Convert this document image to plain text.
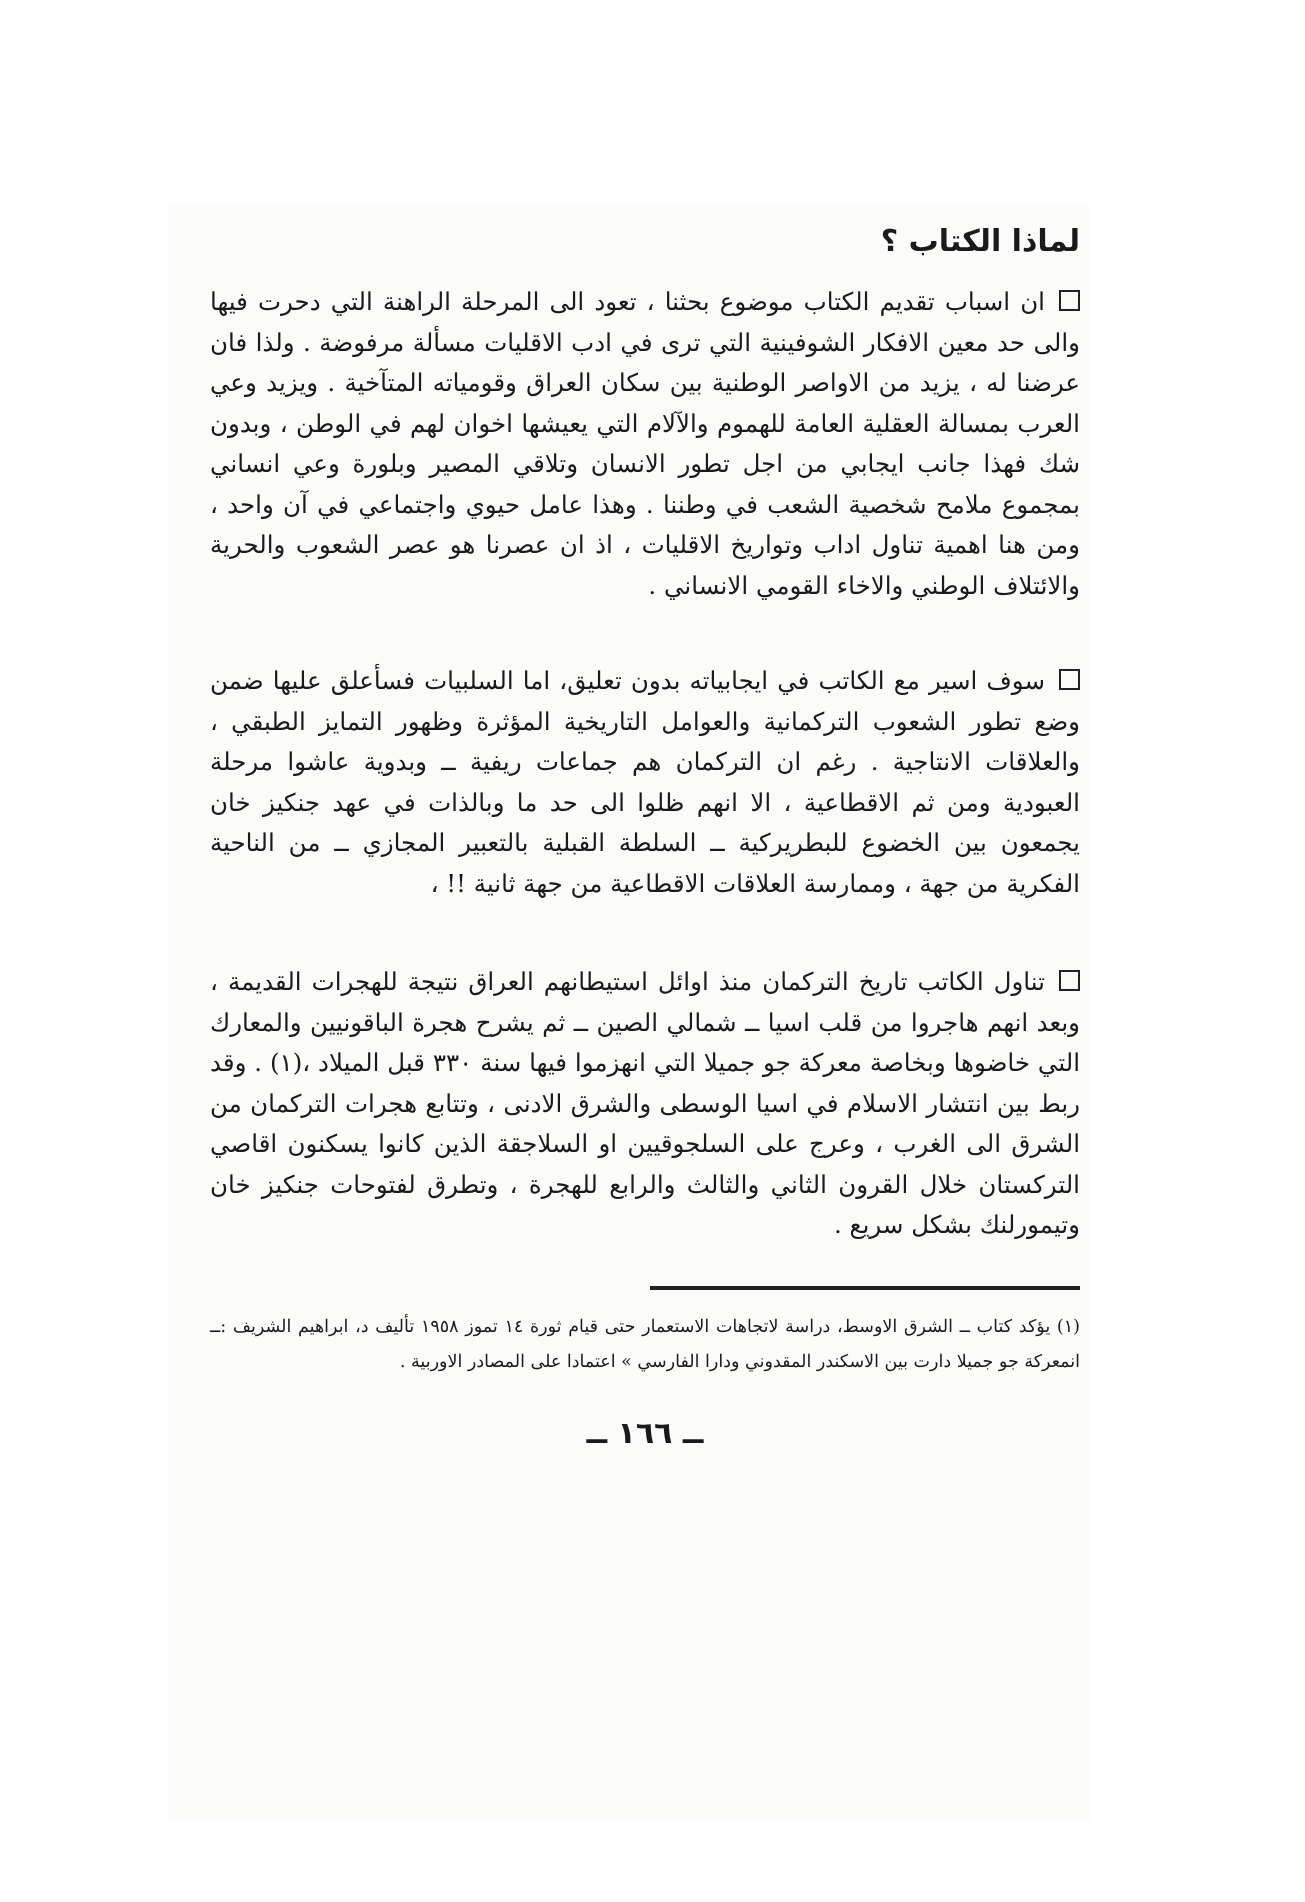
لماذا الكتاب ؟

ان اسباب تقديم الكتاب موضوع بحثنا ، تعود الى المرحلة الراهنة التي دحرت فيها والى حد معين الافكار الشوفينية التي ترى في ادب الاقليات مسألة مرفوضة . ولذا فان عرضنا له ، يزيد من الاواصر الوطنية بين سكان العراق وقومياته المتآخية . ويزيد وعي العرب بمسالة العقلية العامة للهموم والآلام التي يعيشها اخوان لهم في الوطن ، وبدون شك فهذا جانب ايجابي من اجل تطور الانسان وتلاقي المصير وبلورة وعي انساني بمجموع ملامح شخصية الشعب في وطننا . وهذا عامل حيوي واجتماعي في آن واحد ، ومن هنا اهمية تناول اداب وتواريخ الاقليات ، اذ ان عصرنا هو عصر الشعوب والحرية والائتلاف الوطني والاخاء القومي الانساني .

سوف اسير مع الكاتب في ايجابياته بدون تعليق، اما السلبيات فسأعلق عليها ضمن وضع تطور الشعوب التركمانية والعوامل التاريخية المؤثرة وظهور التمايز الطبقي ، والعلاقات الانتاجية . رغم ان التركمان هم جماعات ريفية ــ وبدوية عاشوا مرحلة العبودية ومن ثم الاقطاعية ، الا انهم ظلوا الى حد ما وبالذات في عهد جنكيز خان يجمعون بين الخضوع للبطريركية ــ السلطة القبلية بالتعبير المجازي ــ من الناحية الفكرية من جهة ، وممارسة العلاقات الاقطاعية من جهة ثانية !! ،

تناول الكاتب تاريخ التركمان منذ اوائل استيطانهم العراق نتيجة للهجرات القديمة ، وبعد انهم هاجروا من قلب اسيا ــ شمالي الصين ــ ثم يشرح هجرة الباقونيين والمعارك التي خاضوها وبخاصة معركة جو جميلا التي انهزموا فيها سنة ٣٣٠ قبل الميلاد ،(١) . وقد ربط بين انتشار الاسلام في اسيا الوسطى والشرق الادنى ، وتتابع هجرات التركمان من الشرق الى الغرب ، وعرج على السلجوقيين او السلاجقة الذين كانوا يسكنون اقاصي التركستان خلال القرون الثاني والثالث والرابع للهجرة ، وتطرق لفتوحات جنكيز خان وتيمورلنك بشكل سريع .

(١) يؤكد كتاب ــ الشرق الاوسط، دراسة لاتجاهات الاستعمار حتى قيام ثورة ١٤ تموز ١٩٥٨ تأليف د، ابراهيم الشريف :ــ انمعركة جو جميلا دارت بين الاسكندر المقدوني ودارا الفارسي » اعتمادا على المصادر الاوربية .

ــ ١٦٦ ــ
